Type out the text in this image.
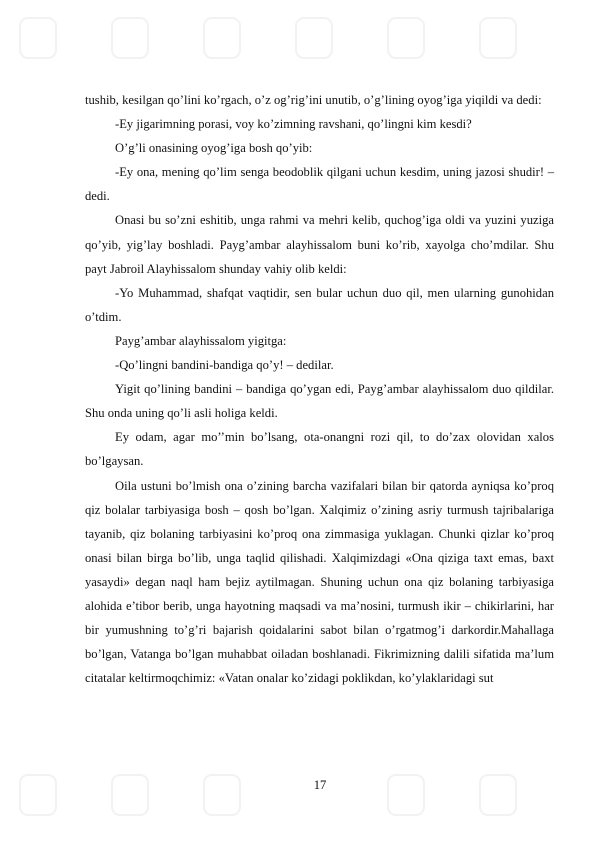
tushib, kesilgan qo’lini ko’rgach, o’z og’rig’ini unutib, o’g’lining oyog’iga yiqildi va dedi:

-Ey jigarimning porasi, voy ko’zimning ravshani, qo’lingni kim kesdi?

O’g’li onasining oyog’iga bosh qo’yib:

-Ey ona, mening qo’lim senga beodoblik qilgani uchun kesdim, uning jazosi shudir! – dedi.

Onasi bu so’zni eshitib, unga rahmi va mehri kelib, quchog’iga oldi va yuzini yuziga qo’yib, yig’lay boshladi. Payg’ambar alayhissalom buni ko’rib, xayolga cho’mdilar. Shu payt Jabroil Alayhissalom shunday vahiy olib keldi:

-Yo Muhammad, shafqat vaqtidir, sen bular uchun duo qil, men ularning gunohidan o’tdim.

Payg’ambar alayhissalom yigitga:

-Qo’lingni bandini-bandiga qo’y! – dedilar.

Yigit qo’lining bandini – bandiga qo’ygan edi, Payg’ambar alayhissalom duo qildilar. Shu onda uning qo’li asli holiga keldi.

Ey odam, agar mo’’min bo’lsang, ota-onangni rozi qil, to do’zax olovidan xalos bo’lgaysan.

Oila ustuni bo’lmish ona o’zining barcha vazifalari bilan bir qatorda ayniqsa ko’proq qiz bolalar tarbiyasiga bosh – qosh bo’lgan. Xalqimiz o’zining asriy turmush tajribalariga tayanib, qiz bolaning tarbiyasini ko’proq ona zimmasiga yuklagan. Chunki qizlar ko’proq onasi bilan birga bo’lib, unga taqlid qilishadi. Xalqimizdagi «Ona qiziga taxt emas, baxt yasaydi» degan naql ham bejiz aytilmagan. Shuning uchun ona qiz bolaning tarbiyasiga alohida e’tibor berib, unga hayotning maqsadi va ma’nosini, turmush ikir – chikirlarini, har bir yumushning to’g’ri bajarish qoidalarini sabot bilan o’rgatmog’i darkordir.Mahallaga bo’lgan, Vatanga bo’lgan muhabbat oiladan boshlanadi. Fikrimizning dalili sifatida ma’lum citatalar keltirmoqchimiz: «Vatan onalar ko’zidagi poklikdan, ko’ylaklaridagi sut

17
